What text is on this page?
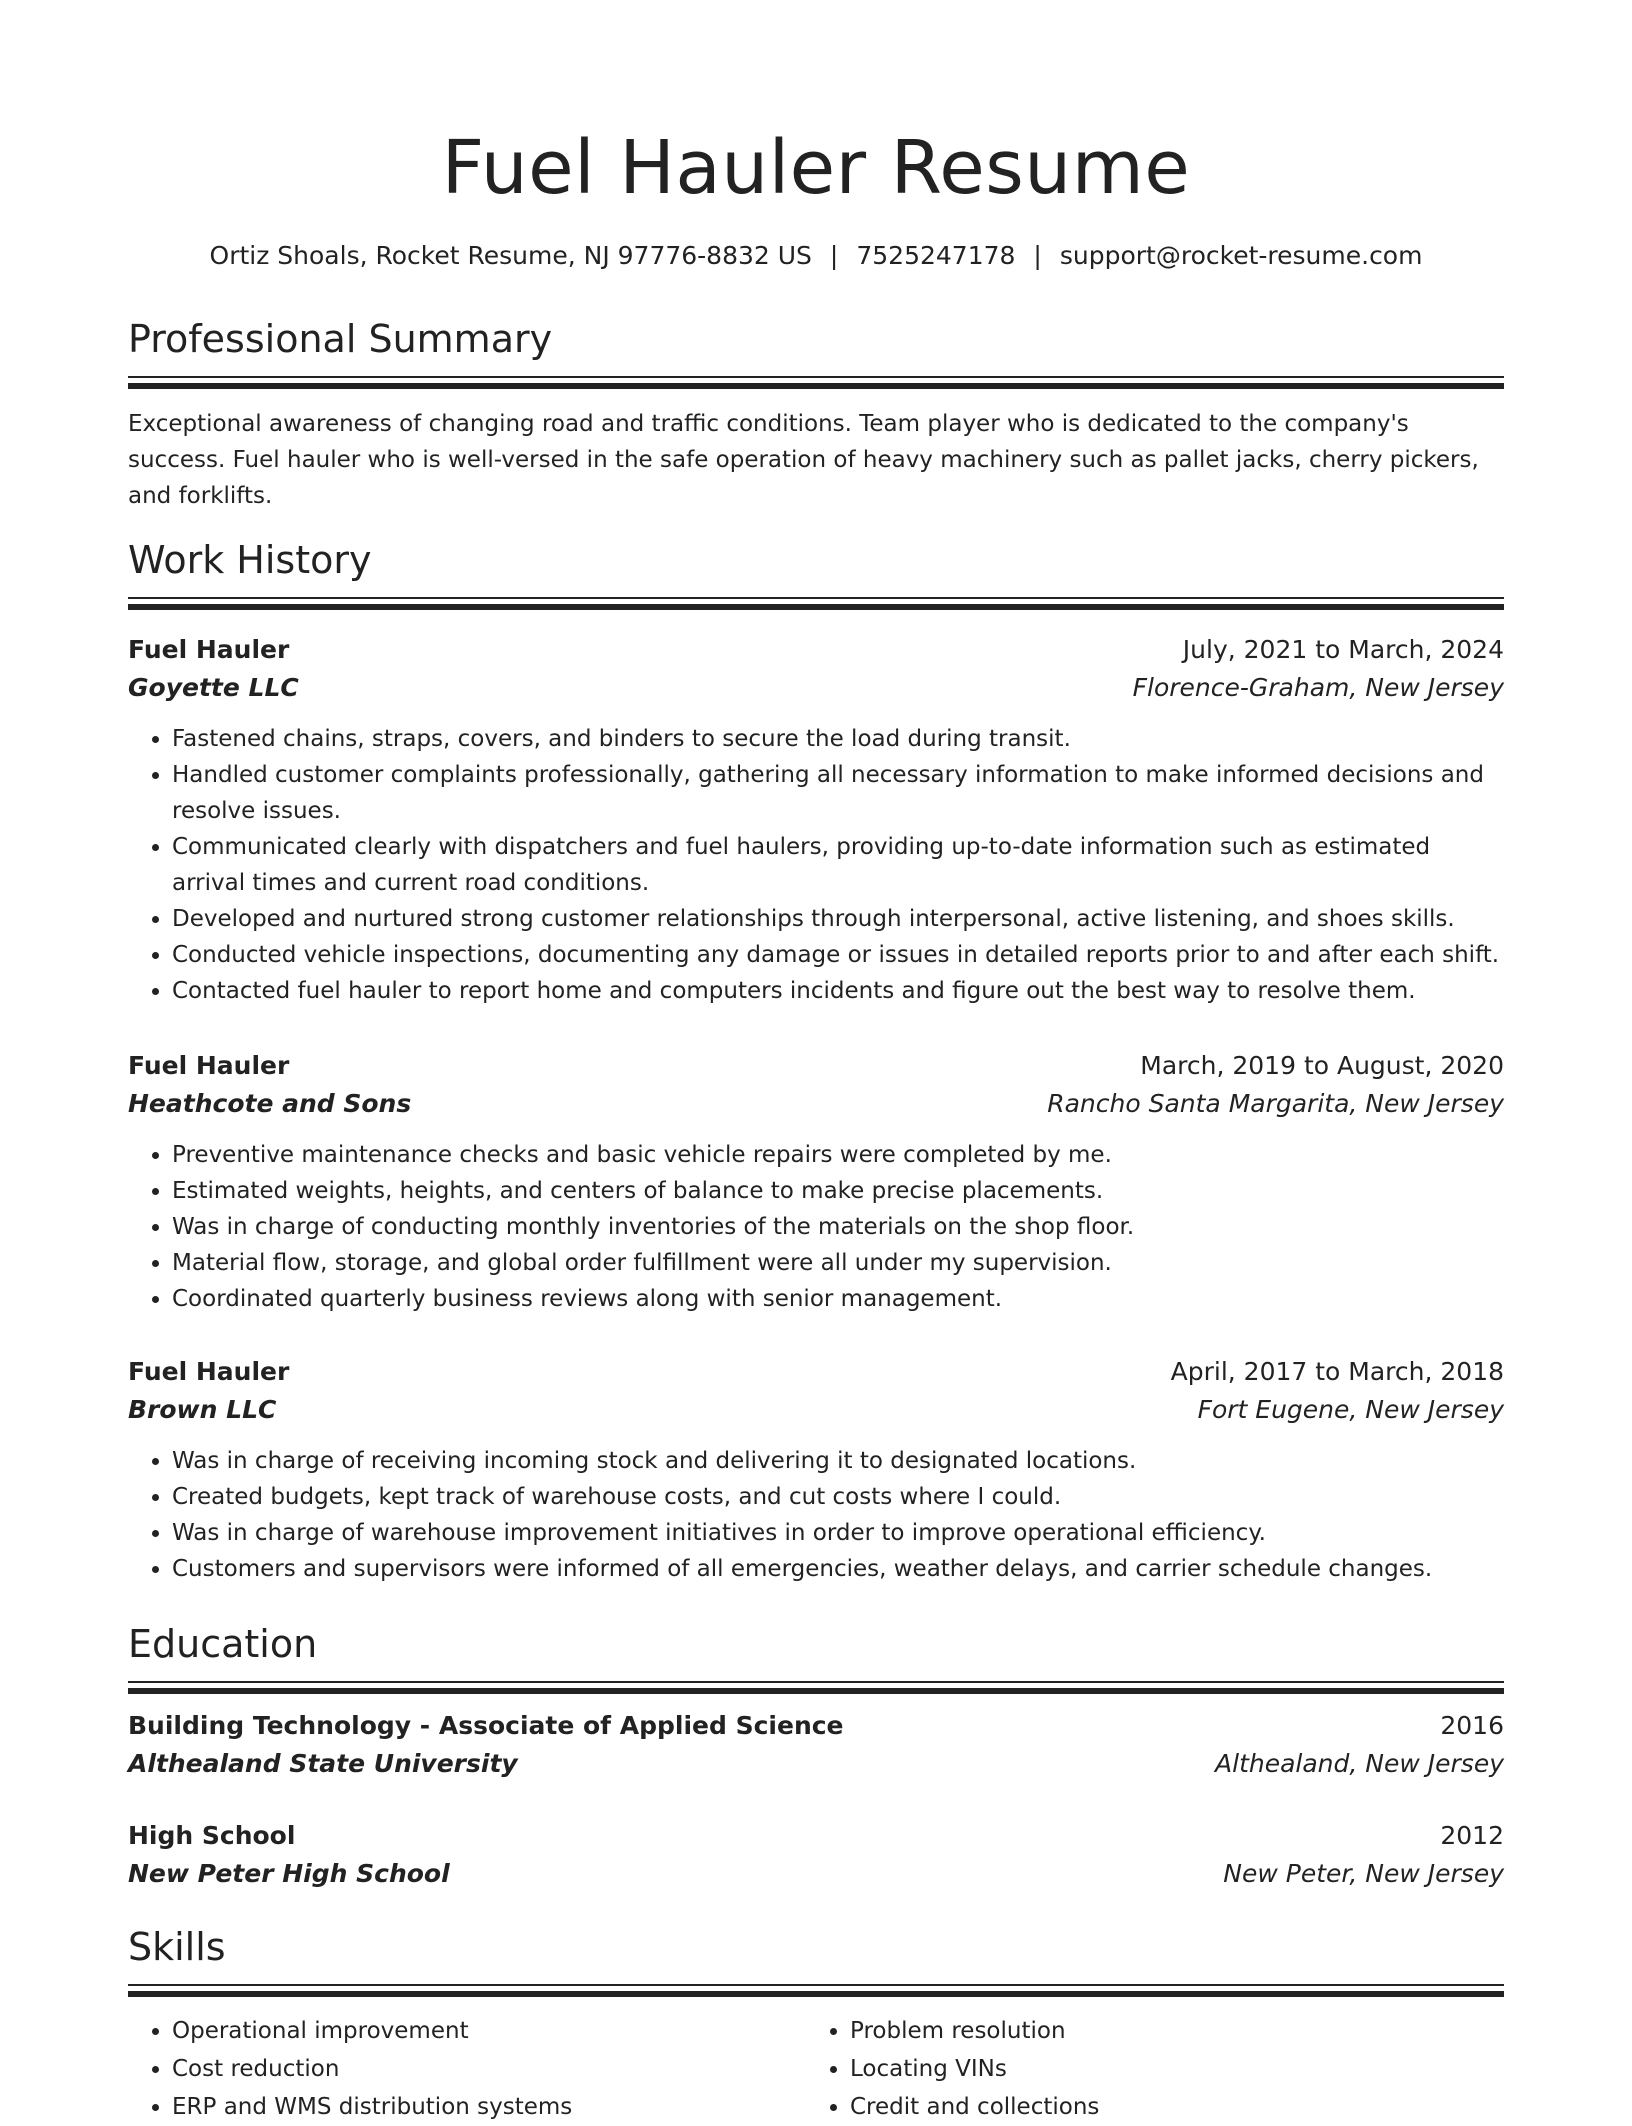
Fuel Hauler Resume
Ortiz Shoals, Rocket Resume, NJ 97776-8832 US | 7525247178 | support@rocket-resume.com
Professional Summary

Exceptional awareness of changing road and traffic conditions. Team player who is dedicated to the company's success. Fuel hauler who is well-versed in the safe operation of heavy machinery such as pallet jacks, cherry pickers, and forklifts.

Work History
Fuel Hauler	July, 2021 to March, 2024
Goyette LLC	Florence-Graham, New Jersey
• Fastened chains, straps, covers, and binders to secure the load during transit.
• Handled customer complaints professionally, gathering all necessary information to make informed decisions and resolve issues.
• Communicated clearly with dispatchers and fuel haulers, providing up-to-date information such as estimated arrival times and current road conditions.
• Developed and nurtured strong customer relationships through interpersonal, active listening, and shoes skills.
• Conducted vehicle inspections, documenting any damage or issues in detailed reports prior to and after each shift.
• Contacted fuel hauler to report home and computers incidents and figure out the best way to resolve them.
Fuel Hauler	March, 2019 to August, 2020
Heathcote and Sons	Rancho Santa Margarita, New Jersey
• Preventive maintenance checks and basic vehicle repairs were completed by me.
• Estimated weights, heights, and centers of balance to make precise placements.
• Was in charge of conducting monthly inventories of the materials on the shop floor.
• Material flow, storage, and global order fulfillment were all under my supervision.
• Coordinated quarterly business reviews along with senior management.
Fuel Hauler	April, 2017 to March, 2018
Brown LLC	Fort Eugene, New Jersey
• Was in charge of receiving incoming stock and delivering it to designated locations.
• Created budgets, kept track of warehouse costs, and cut costs where I could.
• Was in charge of warehouse improvement initiatives in order to improve operational efficiency.
• Customers and supervisors were informed of all emergencies, weather delays, and carrier schedule changes.
Education
Building Technology - Associate of Applied Science	2016
Althealand State University	Althealand, New Jersey
High School	2012
New Peter High School	New Peter, New Jersey
Skills
• Operational improvement
• Cost reduction
• ERP and WMS distribution systems
• Problem resolution
• Locating VINs
• Credit and collections
